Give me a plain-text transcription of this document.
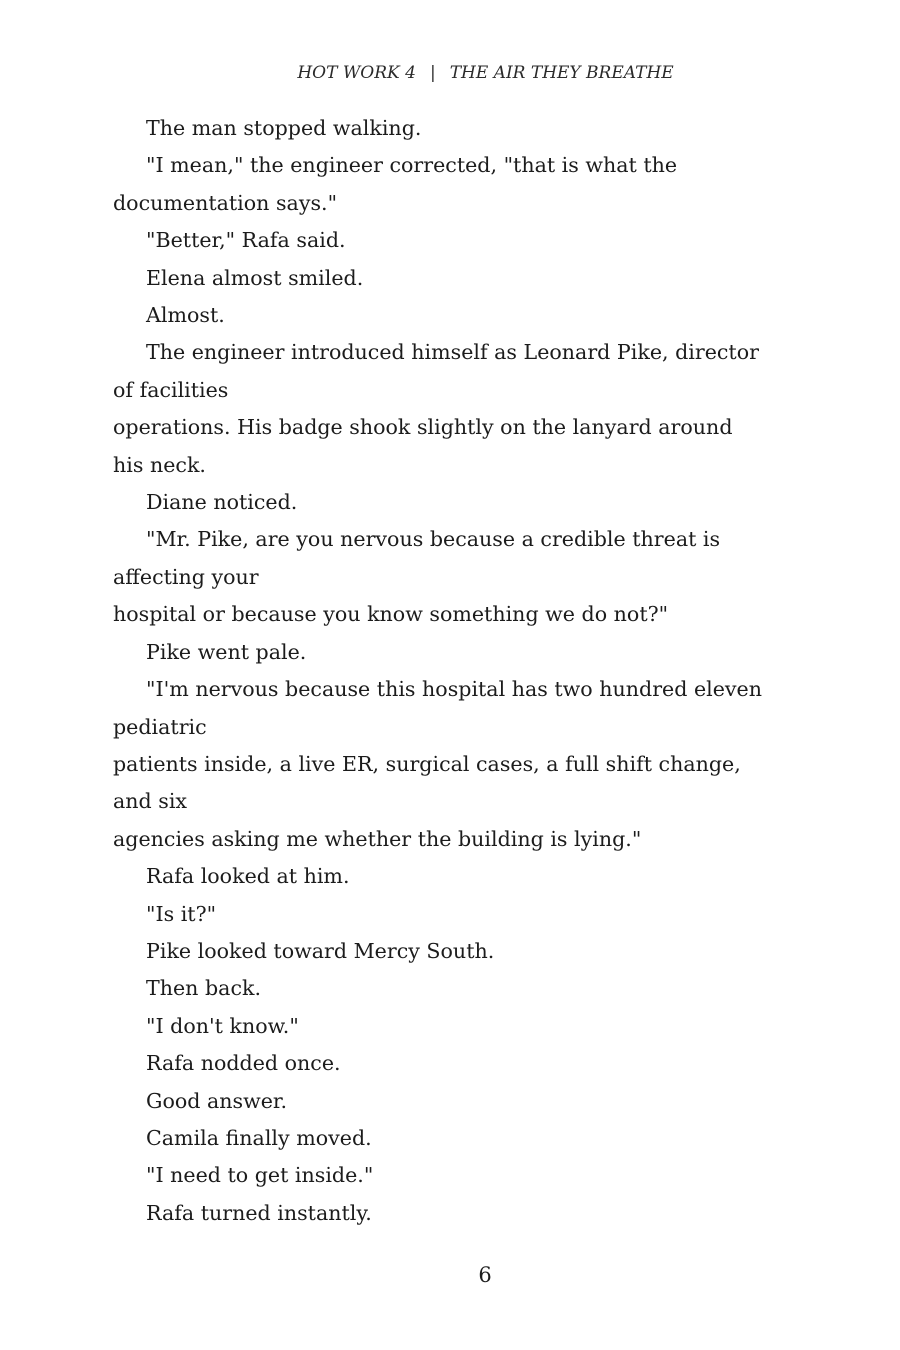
HOT WORK 4 | THE AIR THEY BREATHE

The man stopped walking.

"I mean," the engineer corrected, "that is what the
documentation says."

"Better," Rafa said.

Elena almost smiled.

Almost.

The engineer introduced himself as Leonard Pike, director
of facilities
operations. His badge shook slightly on the lanyard around
his neck.

Diane noticed.

"Mr. Pike, are you nervous because a credible threat is
affecting your
hospital or because you know something we do not?"

Pike went pale.

"I'm nervous because this hospital has two hundred eleven
pediatric
patients inside, a live ER, surgical cases, a full shift change,
and six
agencies asking me whether the building is lying."

Rafa looked at him.

"Is it?"

Pike looked toward Mercy South.

Then back.

"I don't know."

Rafa nodded once.

Good answer.

Camila finally moved.

"I need to get inside."

Rafa turned instantly.

6
